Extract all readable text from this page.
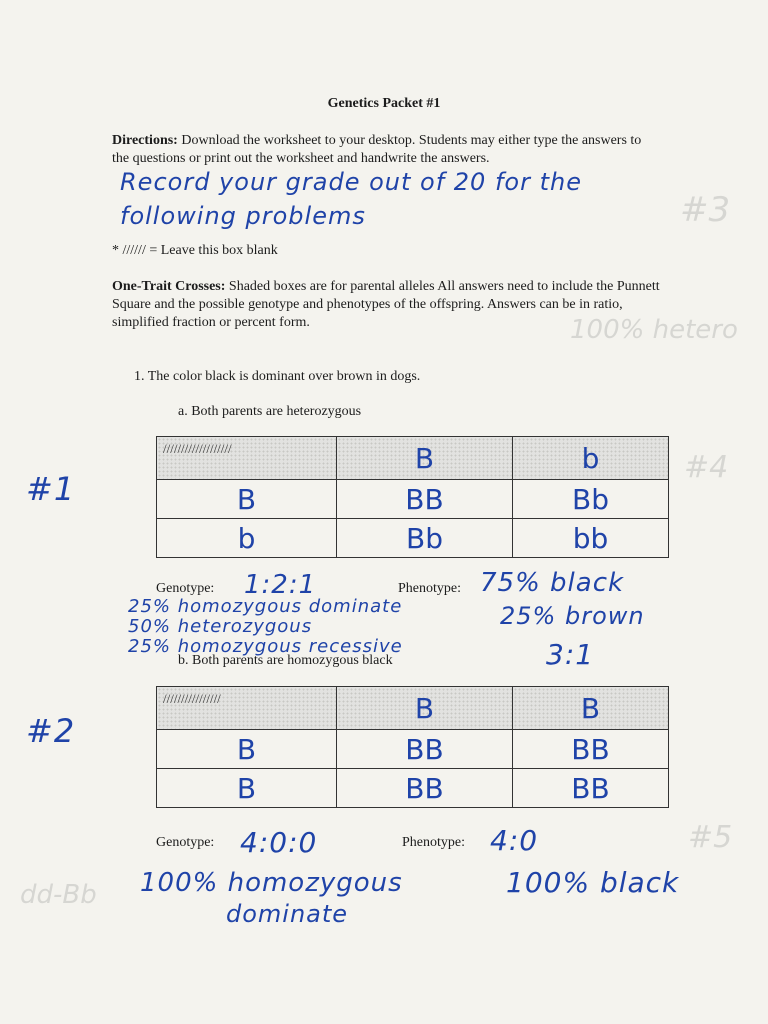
#3
100% hetero
#4
#5
dd-Bb
Genetics Packet #1
Directions: Download the worksheet to your desktop. Students may either type the answers to the questions or print out the worksheet and handwrite the answers.
Record your grade out of 20 for the
following problems
* ////// = Leave this box blank
One-Trait Crosses: Shaded boxes are for parental alleles All answers need to include the Punnett Square and the possible genotype and phenotypes of the offspring. Answers can be in ratio, simplified fraction or percent form.
1. The color black is dominant over brown in dogs.
a. Both parents are heterozygous
#1
///////////////////	B	b
B	BB	Bb
b	Bb	bb
Genotype: 1:2:1
25% homozygous dominate
50% heterozygous
25% homozygous recessive
Phenotype: 75% black
25% brown
3:1
b. Both parents are homozygous black
#2
////////////////	B	B
B	BB	BB
B	BB	BB
Genotype: 4:0:0
100% homozygous
dominate
Phenotype: 4:0
100% black
